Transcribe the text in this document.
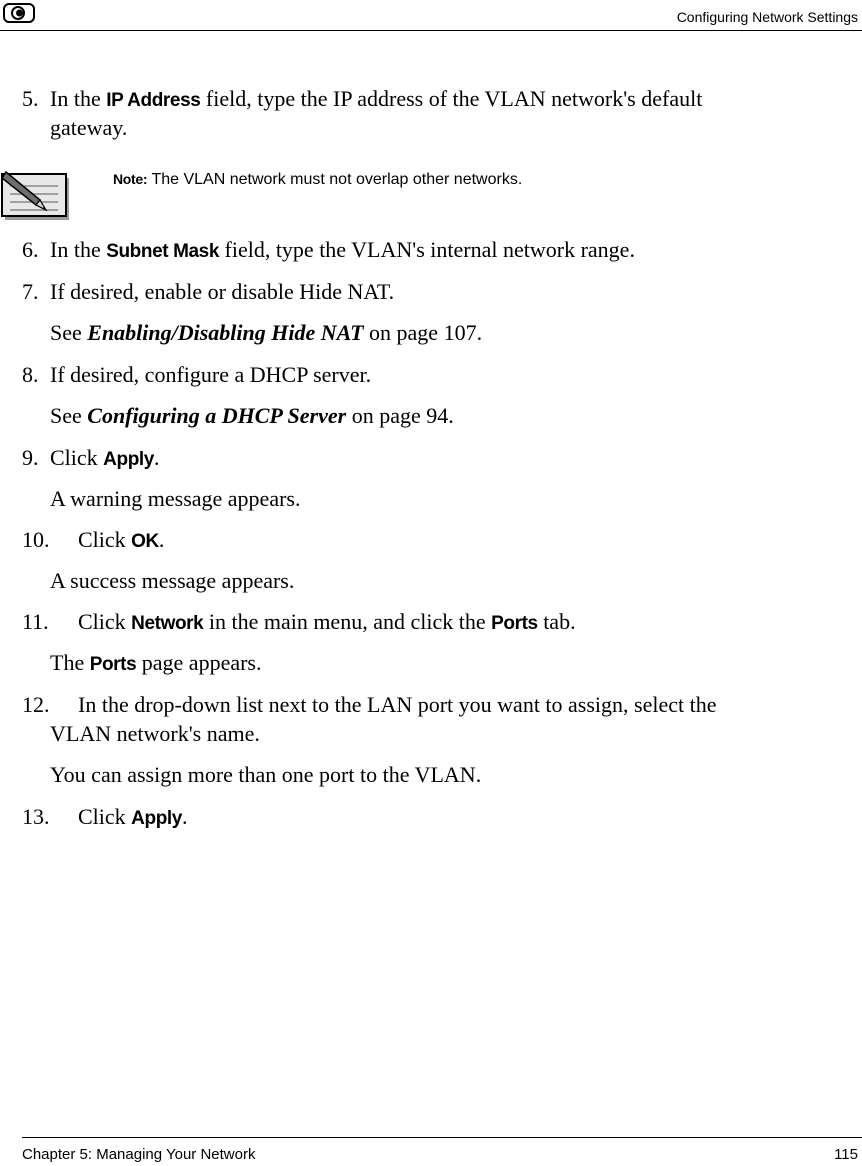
Configuring Network Settings
5. In the IP Address field, type the IP address of the VLAN network's default
gateway.
Note: The VLAN network must not overlap other networks.
6. In the Subnet Mask field, type the VLAN's internal network range.
7. If desired, enable or disable Hide NAT.
See Enabling/Disabling Hide NAT on page 107.
8. If desired, configure a DHCP server.
See Configuring a DHCP Server on page 94.
9. Click Apply.
A warning message appears.
10. Click OK.
A success message appears.
11. Click Network in the main menu, and click the Ports tab.
The Ports page appears.
12. In the drop-down list next to the LAN port you want to assign, select the
VLAN network's name.
You can assign more than one port to the VLAN.
13. Click Apply.
Chapter 5: Managing Your Network	115
